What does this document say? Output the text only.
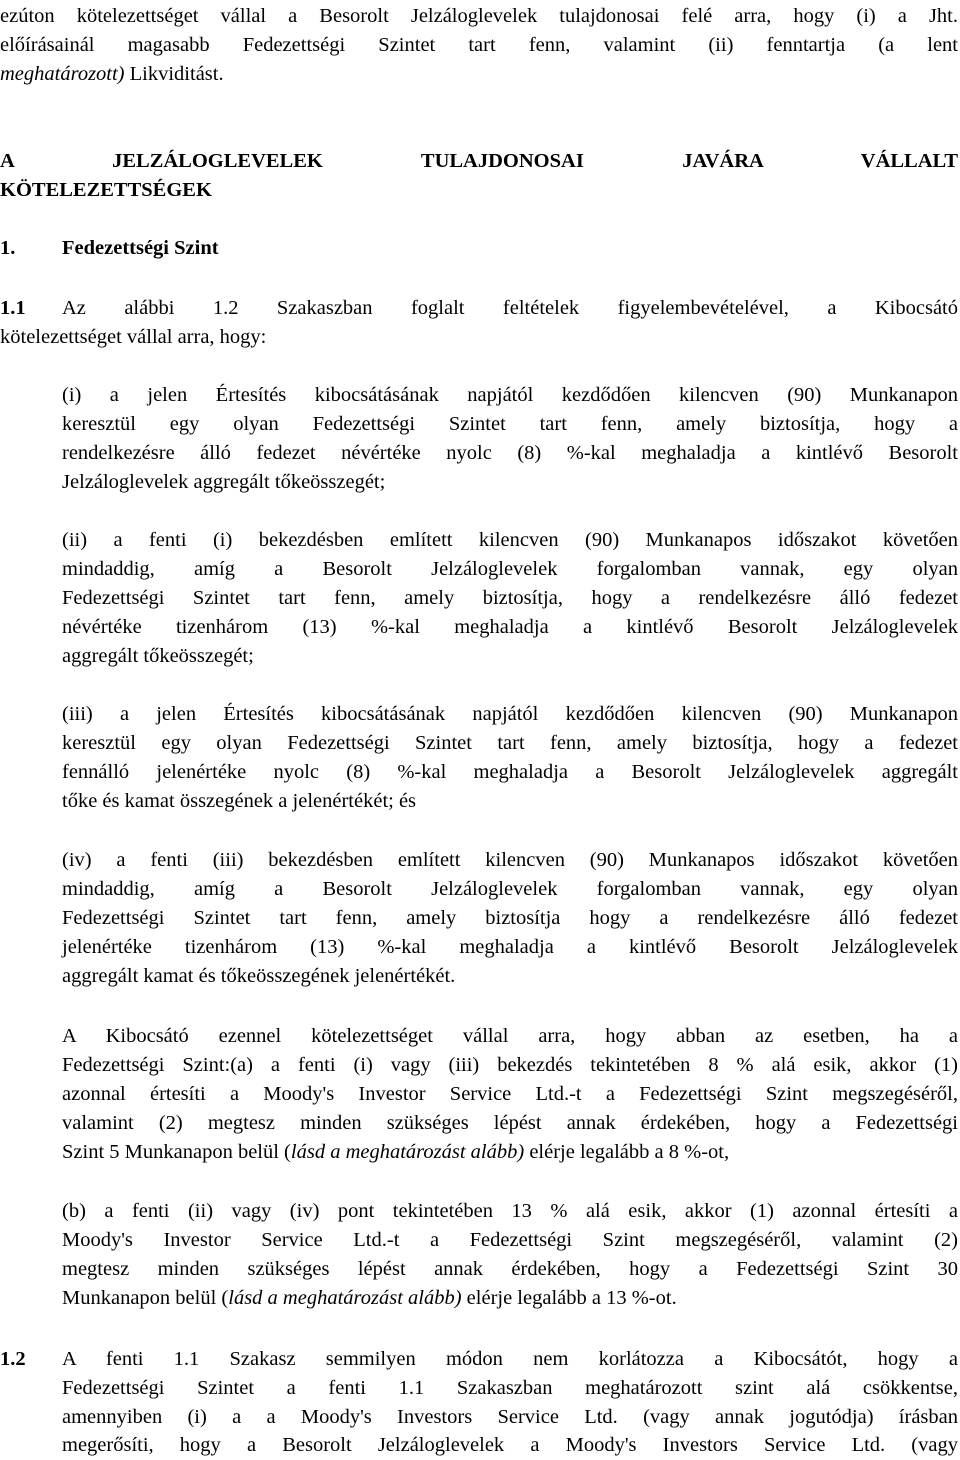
ezúton kötelezettséget vállal a Besorolt Jelzáloglevelek tulajdonosai felé arra, hogy (i) a Jht.
előírásainál magasabb Fedezettségi Szintet tart fenn, valamint (ii) fenntartja (a lent
meghatározott) Likviditást.
A JELZÁLOGLEVELEK TULAJDONOSAI JAVÁRA VÁLLALT
KÖTELEZETTSÉGEK
1. Fedezettségi Szint
1.1 Az alábbi 1.2 Szakaszban foglalt feltételek figyelembevételével, a Kibocsátó
kötelezettséget vállal arra, hogy:
(i) a jelen Értesítés kibocsátásának napjától kezdődően kilencven (90) Munkanapon
keresztül egy olyan Fedezettségi Szintet tart fenn, amely biztosítja, hogy a
rendelkezésre álló fedezet névértéke nyolc (8) %-kal meghaladja a kintlévő Besorolt
Jelzáloglevelek aggregált tőkeösszegét;
(ii) a fenti (i) bekezdésben említett kilencven (90) Munkanapos időszakot követően
mindaddig, amíg a Besorolt Jelzáloglevelek forgalomban vannak, egy olyan
Fedezettségi Szintet tart fenn, amely biztosítja, hogy a rendelkezésre álló fedezet
névértéke tizenhárom (13) %-kal meghaladja a kintlévő Besorolt Jelzáloglevelek
aggregált tőkeösszegét;
(iii) a jelen Értesítés kibocsátásának napjától kezdődően kilencven (90) Munkanapon
keresztül egy olyan Fedezettségi Szintet tart fenn, amely biztosítja, hogy a fedezet
fennálló jelenértéke nyolc (8) %-kal meghaladja a Besorolt Jelzáloglevelek aggregált
tőke és kamat összegének a jelenértékét; és
(iv) a fenti (iii) bekezdésben említett kilencven (90) Munkanapos időszakot követően
mindaddig, amíg a Besorolt Jelzáloglevelek forgalomban vannak, egy olyan
Fedezettségi Szintet tart fenn, amely biztosítja hogy a rendelkezésre álló fedezet
jelenértéke tizenhárom (13) %-kal meghaladja a kintlévő Besorolt Jelzáloglevelek
aggregált kamat és tőkeösszegének jelenértékét.
A Kibocsátó ezennel kötelezettséget vállal arra, hogy abban az esetben, ha a
Fedezettségi Szint:(a) a fenti (i) vagy (iii) bekezdés tekintetében 8 % alá esik, akkor (1)
azonnal értesíti a Moody's Investor Service Ltd.-t a Fedezettségi Szint megszegéséről,
valamint (2) megtesz minden szükséges lépést annak érdekében, hogy a Fedezettségi
Szint 5 Munkanapon belül (lásd a meghatározást alább) elérje legalább a 8 %-ot,
(b) a fenti (ii) vagy (iv) pont tekintetében 13 % alá esik, akkor (1) azonnal értesíti a
Moody's Investor Service Ltd.-t a Fedezettségi Szint megszegéséről, valamint (2)
megtesz minden szükséges lépést annak érdekében, hogy a Fedezettségi Szint 30
Munkanapon belül (lásd a meghatározást alább) elérje legalább a 13 %-ot.
1.2 A fenti 1.1 Szakasz semmilyen módon nem korlátozza a Kibocsátót, hogy a
Fedezettségi Szintet a fenti 1.1 Szakaszban meghatározott szint alá csökkentse,
amennyiben (i) a a Moody's Investors Service Ltd. (vagy annak jogutódja) írásban
megerősíti, hogy a Besorolt Jelzáloglevelek a Moody's Investors Service Ltd. (vagy
